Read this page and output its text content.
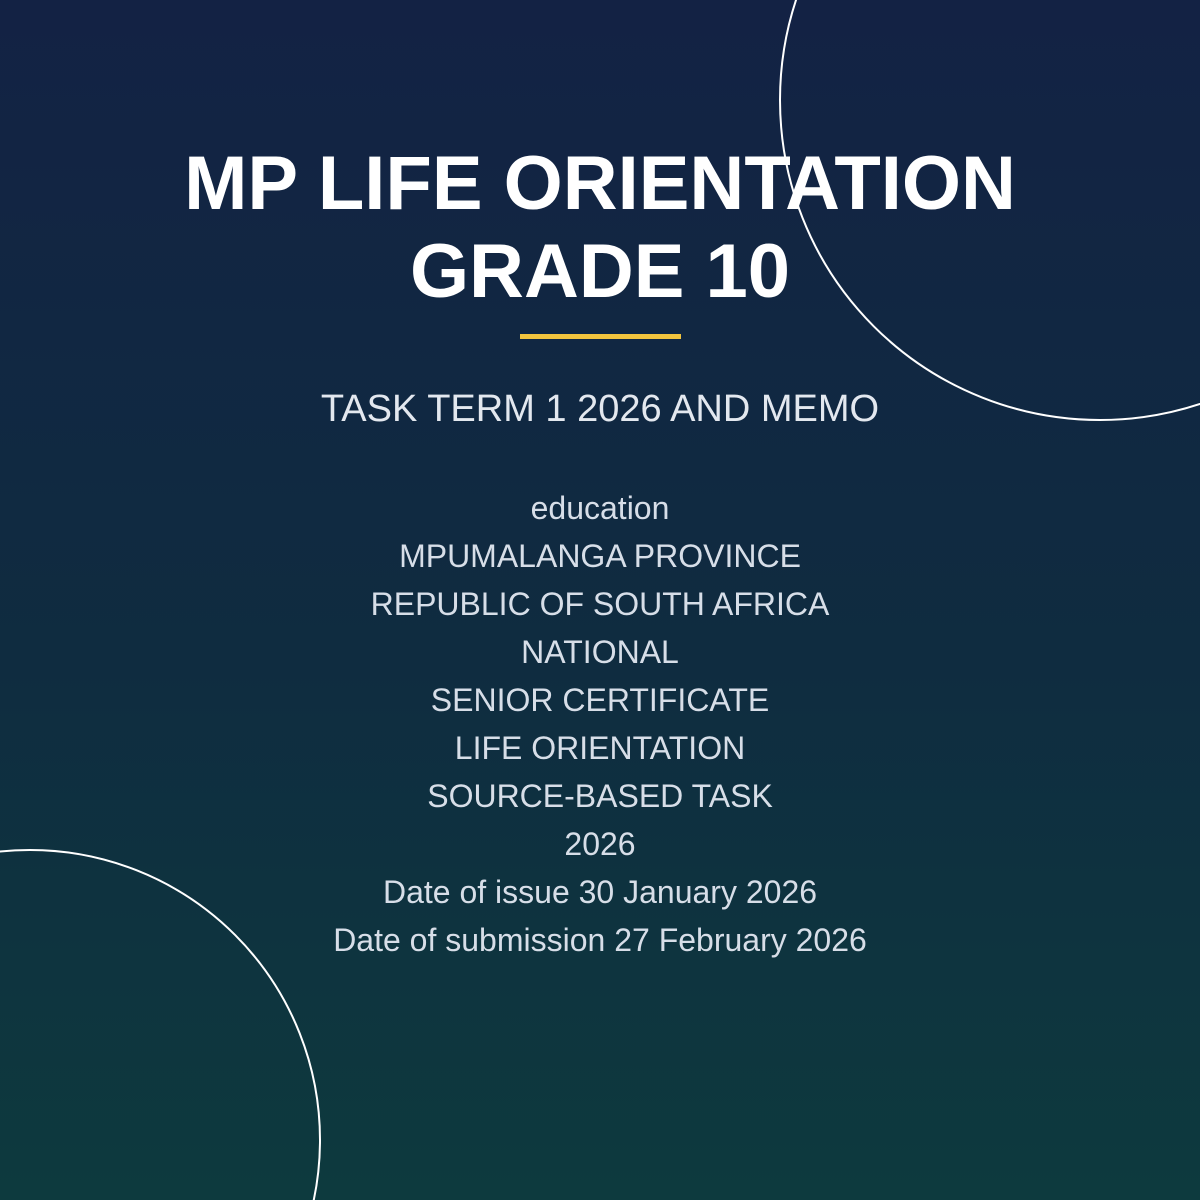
MP LIFE ORIENTATION
GRADE 10
TASK TERM 1 2026 AND MEMO
education
MPUMALANGA PROVINCE
REPUBLIC OF SOUTH AFRICA
NATIONAL
SENIOR CERTIFICATE
LIFE ORIENTATION
SOURCE-BASED TASK
2026
Date of issue 30 January 2026
Date of submission 27 February 2026
